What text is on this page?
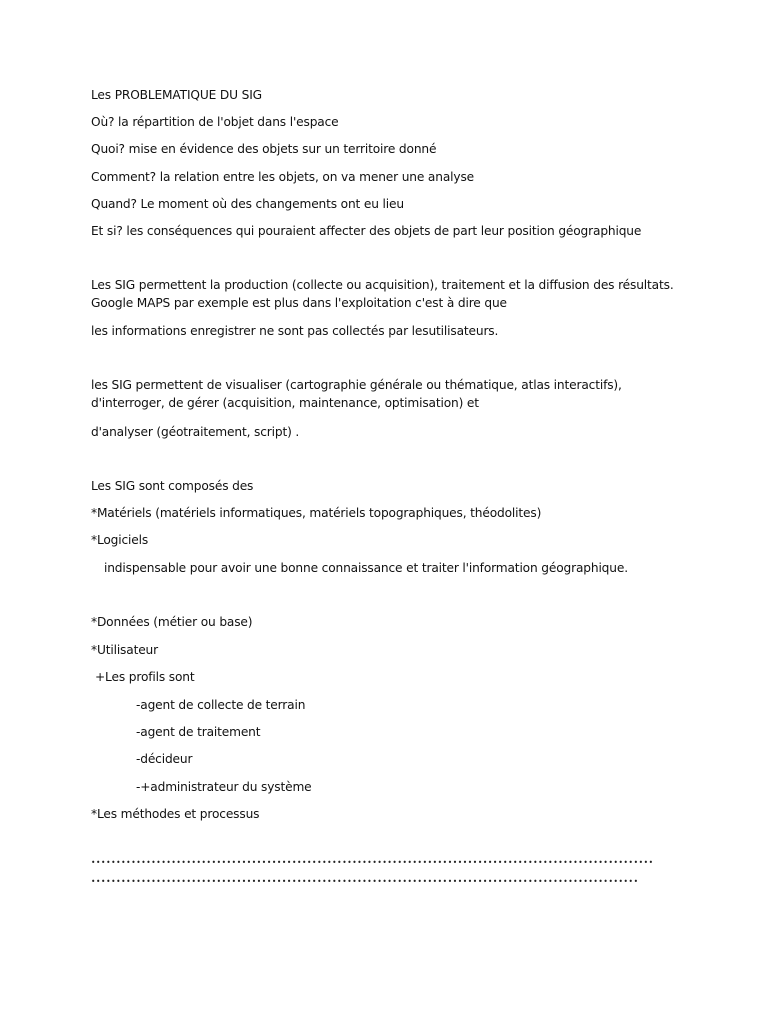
Les PROBLEMATIQUE DU SIG
Où? la répartition de l'objet dans l'espace
Quoi? mise en évidence des objets sur un territoire donné
Comment? la relation entre les objets, on va mener une analyse
Quand? Le moment où des changements ont eu lieu
Et si? les conséquences qui pouraient affecter des objets de part leur position géographique
Les SIG permettent la production (collecte ou acquisition), traitement et la diffusion des résultats. Google MAPS par exemple est plus dans l'exploitation c'est à dire que
les informations enregistrer ne sont pas collectés par lesutilisateurs.
les SIG permettent de visualiser (cartographie générale ou thématique, atlas interactifs), d'interroger, de gérer (acquisition, maintenance, optimisation) et
d'analyser (géotraitement, script) .
Les SIG sont composés des
*Matériels (matériels informatiques, matériels topographiques, théodolites)
*Logiciels
indispensable pour avoir une bonne connaissance et traiter l'information géographique.
*Données (métier ou base)
*Utilisateur
+Les profils sont
-agent de collecte de terrain
-agent de traitement
-décideur
-+administrateur du système
*Les méthodes et processus
••••••••••••••••••••••••••••••••••••••••••••••••••••••••••••••••••••••••••••••••••••••••••••••••••••••••••••••••
•••••••••••••••••••••••••••••••••••••••••••••••••••••••••••••••••••••••••••••••••••••••••••••••••••••••••••••
